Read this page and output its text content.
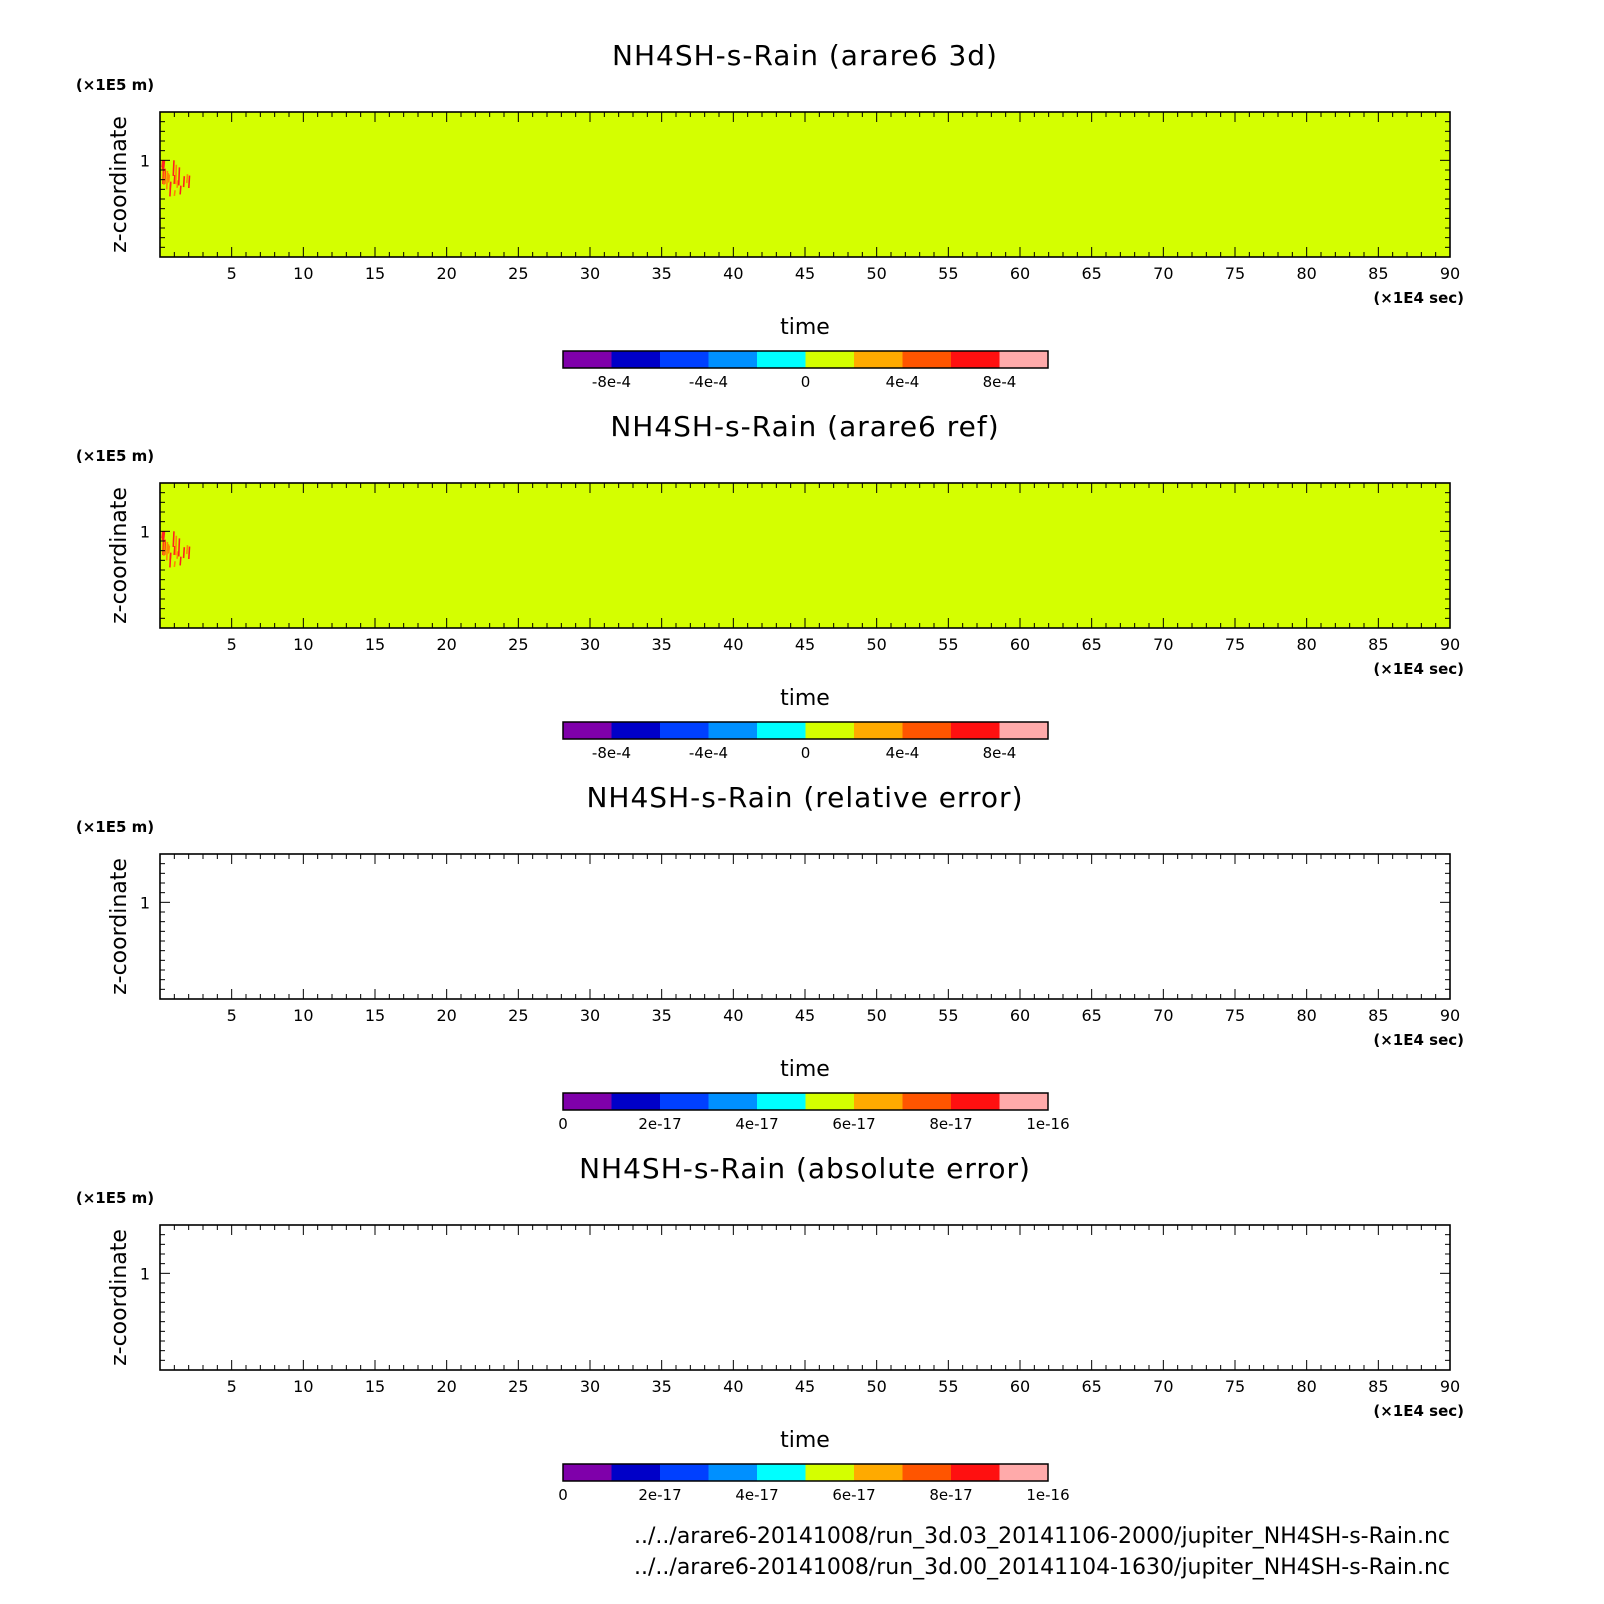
NH4SH-s-Rain (arare6 3d)
(×1E5 m)
5	10	15	20	25	30	35	40	45	50	55	60	65	70	75	80	85	90
1
(×1E4 sec)
time
z-coordinate
-8e-4	-4e-4	0	4e-4	8e-4
NH4SH-s-Rain (arare6 ref)
(×1E5 m)
5	10	15	20	25	30	35	40	45	50	55	60	65	70	75	80	85	90
1
(×1E4 sec)
time
z-coordinate
-8e-4	-4e-4	0	4e-4	8e-4
NH4SH-s-Rain (relative error)
(×1E5 m)
5	10	15	20	25	30	35	40	45	50	55	60	65	70	75	80	85	90
1
(×1E4 sec)
time
z-coordinate
0	2e-17	4e-17	6e-17	8e-17	1e-16
NH4SH-s-Rain (absolute error)
(×1E5 m)
5	10	15	20	25	30	35	40	45	50	55	60	65	70	75	80	85	90
1
(×1E4 sec)
time
z-coordinate
0	2e-17	4e-17	6e-17	8e-17	1e-16
../../arare6-20141008/run_3d.03_20141106-2000/jupiter_NH4SH-s-Rain.nc
../../arare6-20141008/run_3d.00_20141104-1630/jupiter_NH4SH-s-Rain.nc
